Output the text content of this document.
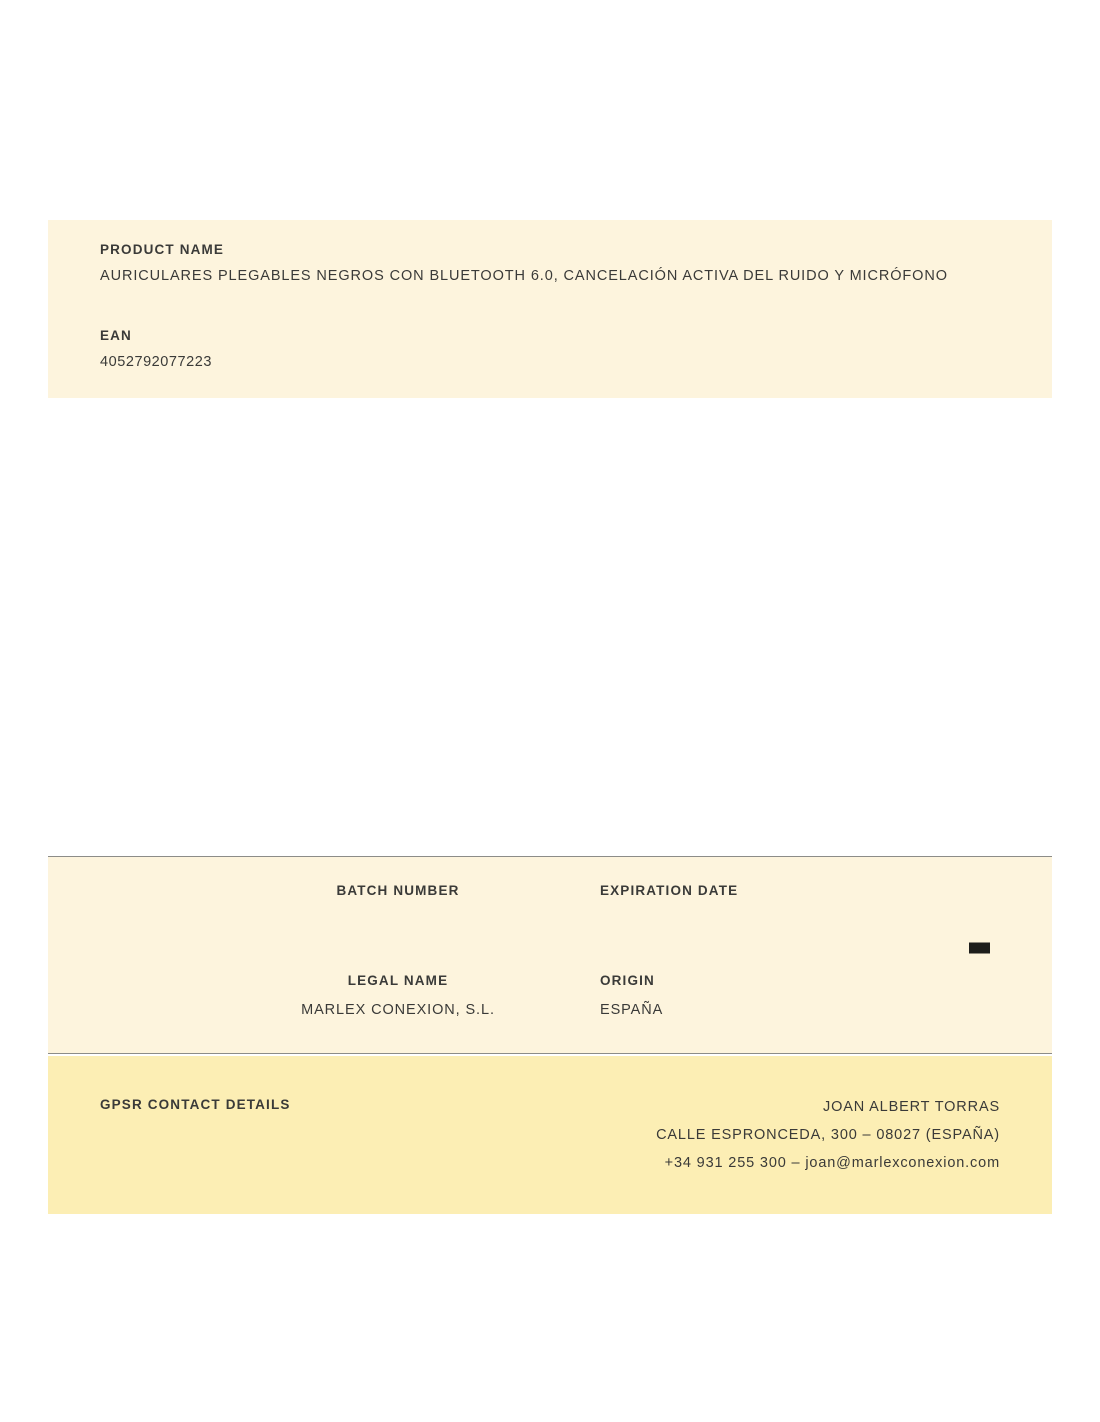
PRODUCT NAME

AURICULARES PLEGABLES NEGROS CON BLUETOOTH 6.0, CANCELACIÓN ACTIVA DEL RUIDO Y MICRÓFONO

EAN

4052792077223

BATCH NUMBER	EXPIRATION DATE

LEGAL NAME

MARLEX CONEXION, S.L.

ORIGIN

ESPAÑA

GPSR CONTACT DETAILS	JOAN ALBERT TORRAS
CALLE ESPRONCEDA, 300 – 08027 (ESPAÑA)
+34 931 255 300 – joan@marlexconexion.com
